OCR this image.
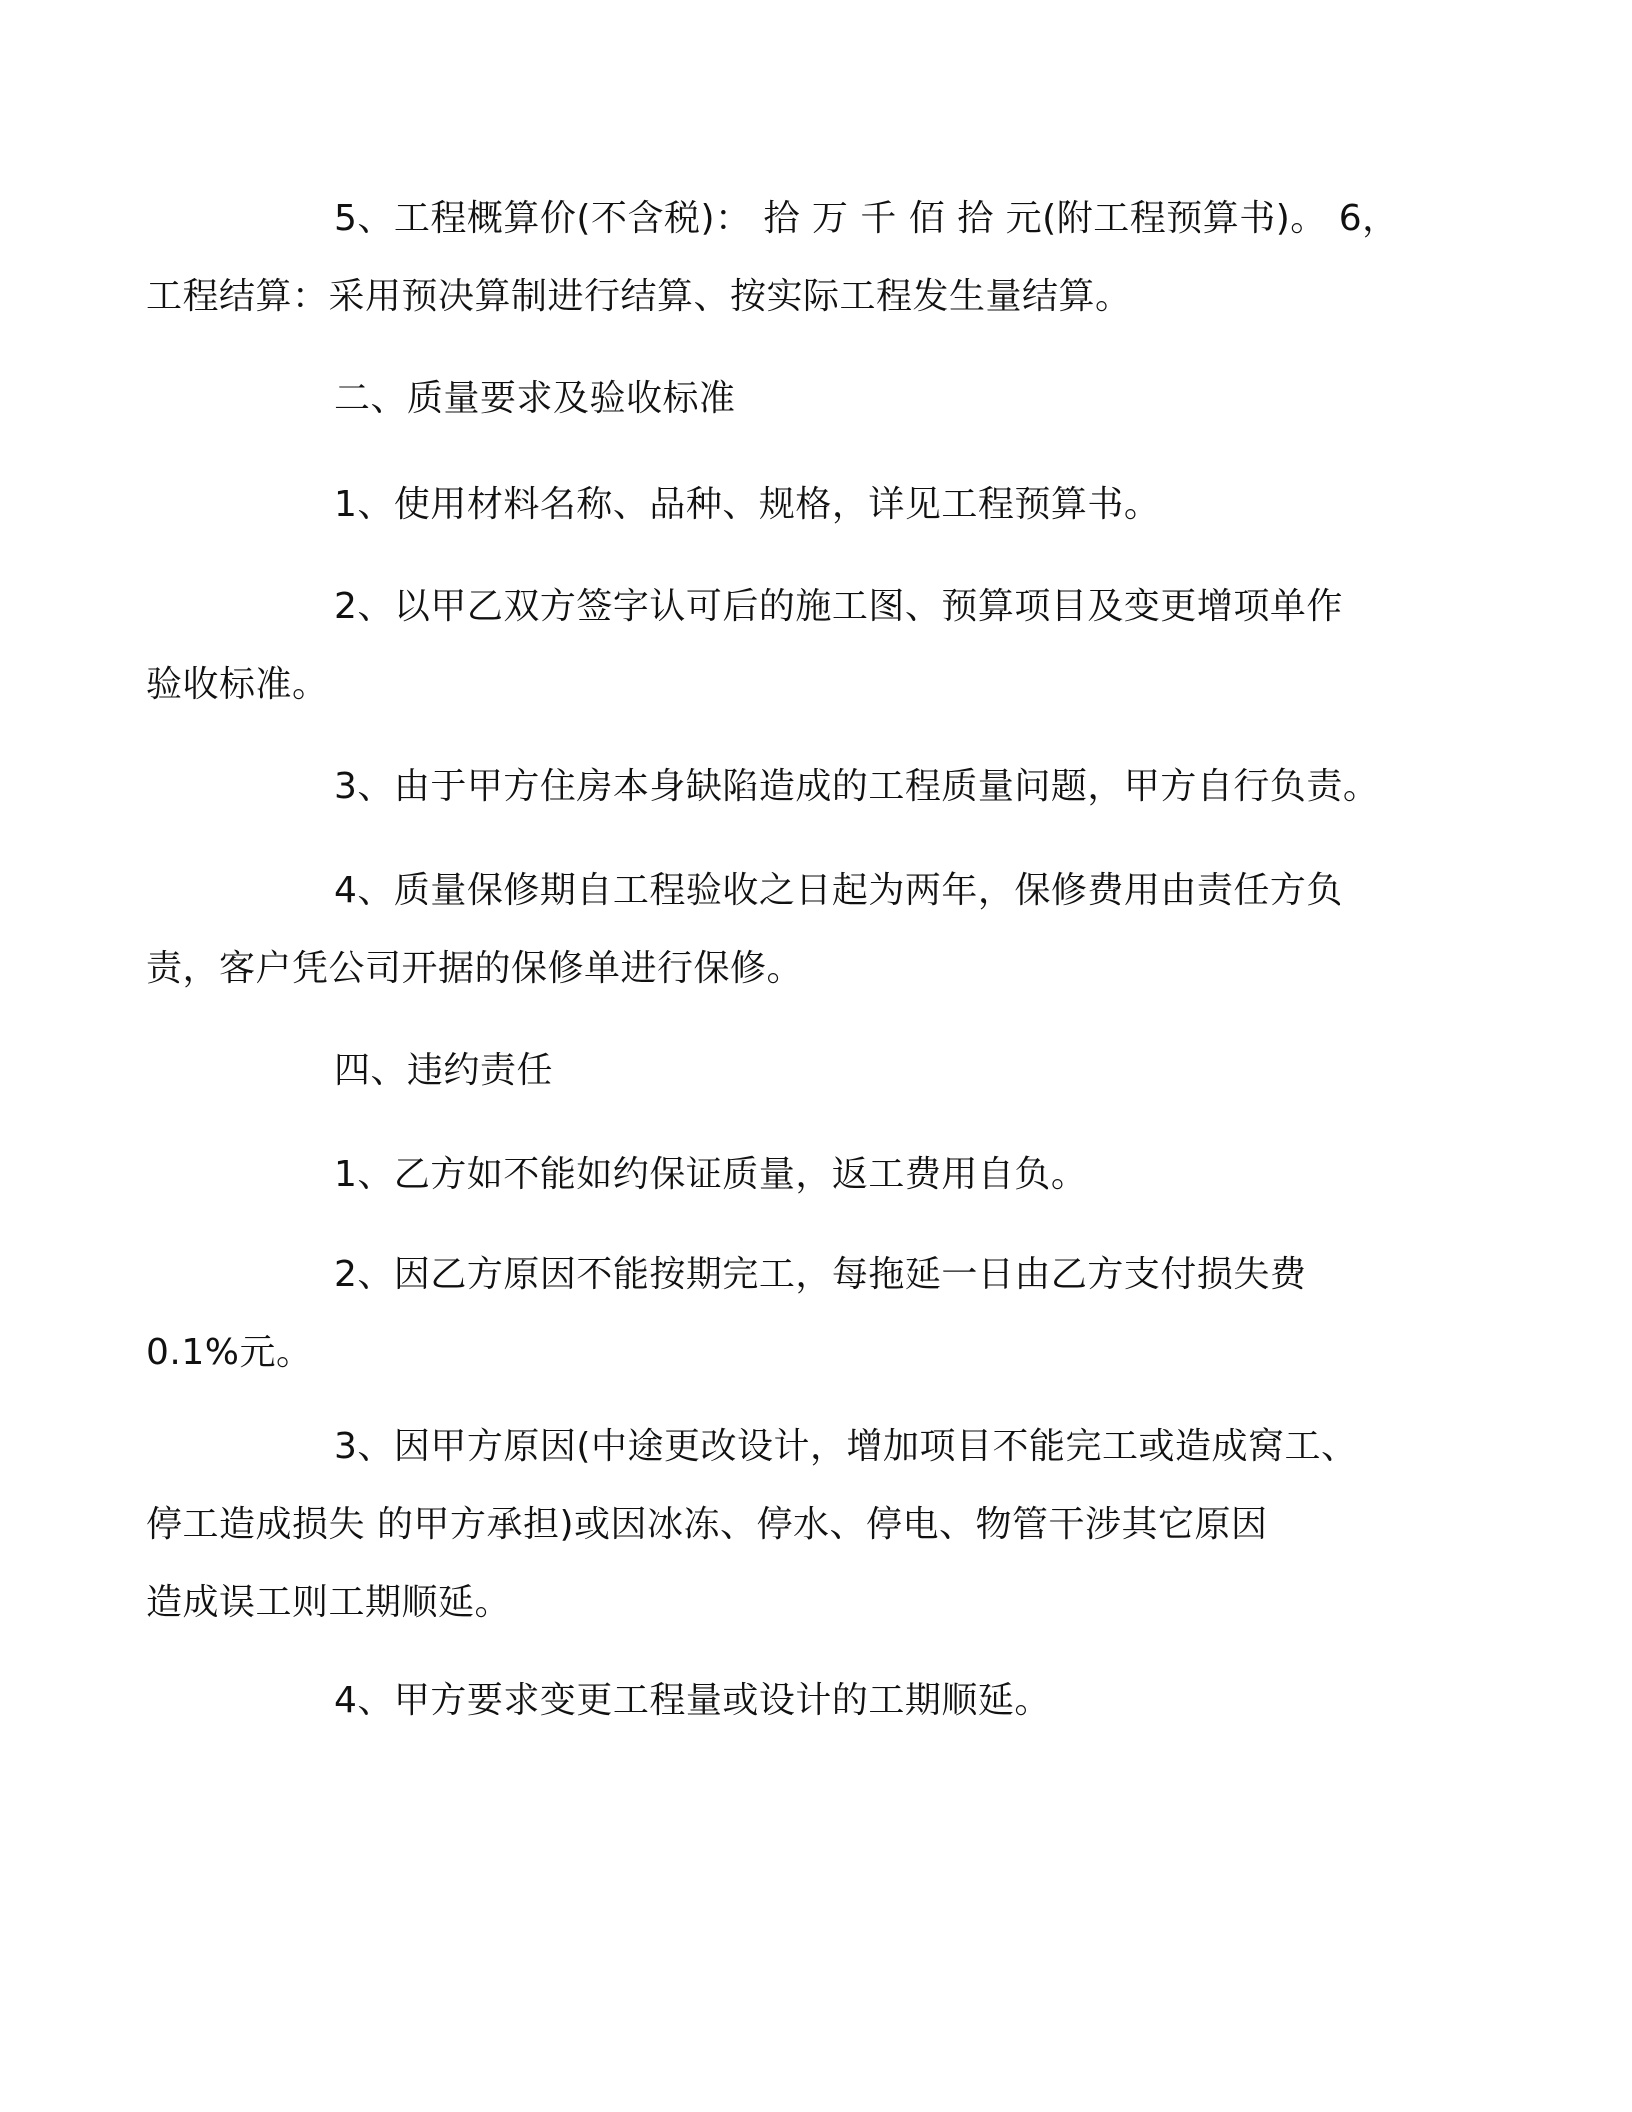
5、工程概算价(不含税)： 拾 万 千 佰 拾 元(附工程预算书)。 6，
工程结算：采用预决算制进行结算、按实际工程发生量结算。

二、质量要求及验收标准

1、使用材料名称、品种、规格，详见工程预算书。

2、以甲乙双方签字认可后的施工图、预算项目及变更增项单作
验收标准。

3、由于甲方住房本身缺陷造成的工程质量问题，甲方自行负责。

4、质量保修期自工程验收之日起为两年，保修费用由责任方负
责，客户凭公司开据的保修单进行保修。

四、违约责任

1、乙方如不能如约保证质量，返工费用自负。

2、因乙方原因不能按期完工，每拖延一日由乙方支付损失费
0.1%元。

3、因甲方原因(中途更改设计，增加项目不能完工或造成窝工、
停工造成损失 的甲方承担)或因冰冻、停水、停电、物管干涉其它原因
造成误工则工期顺延。

4、甲方要求变更工程量或设计的工期顺延。
